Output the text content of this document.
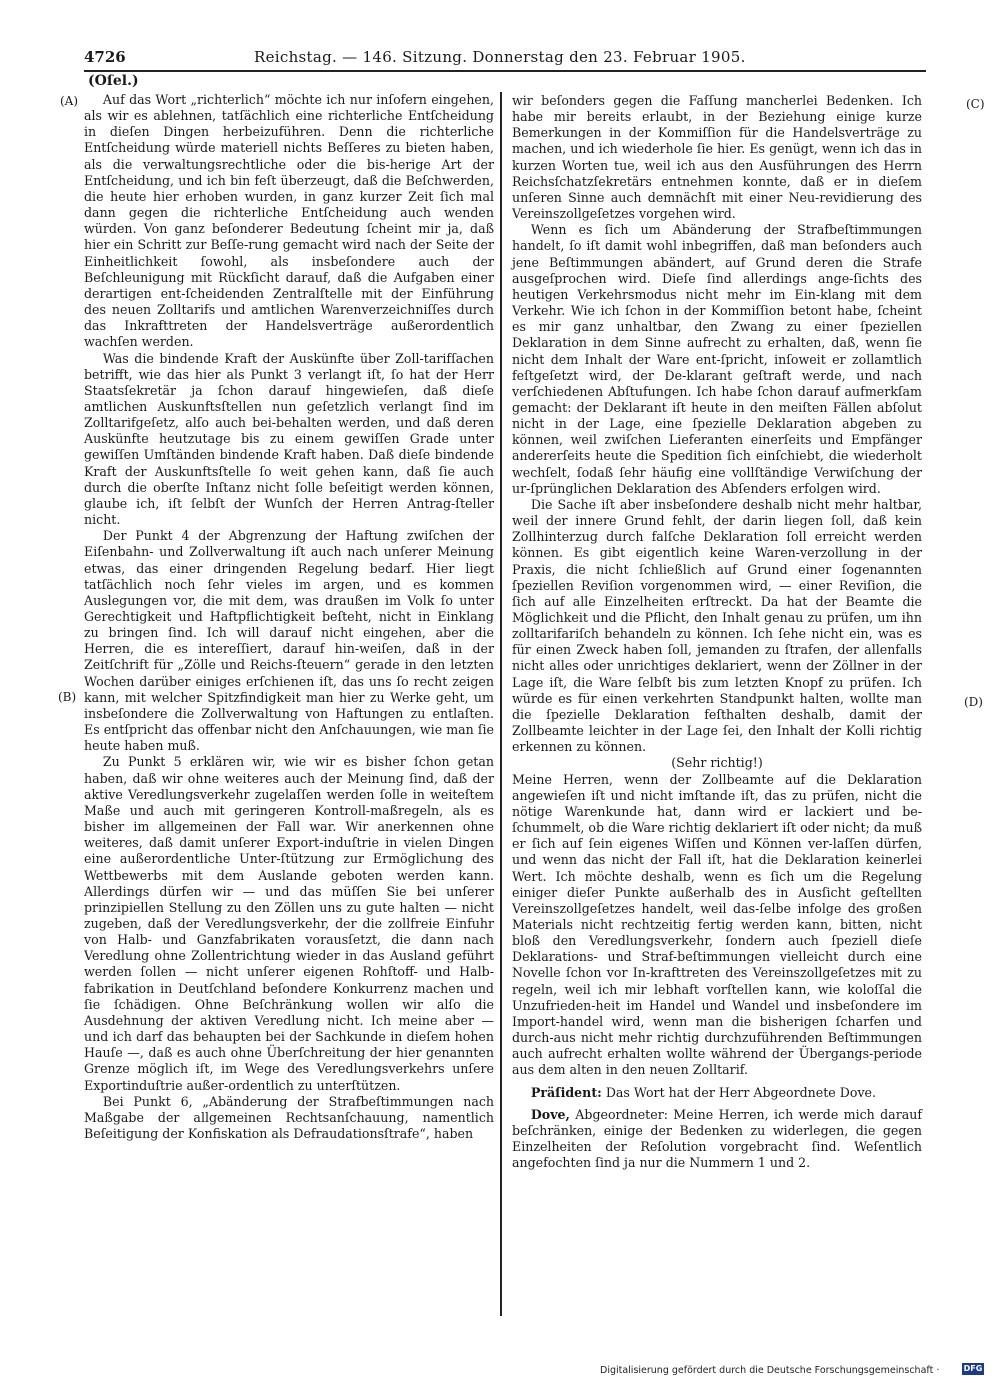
4726	Reichstag. — 146. Sitzung. Donnerstag den 23. Februar 1905.
(Oſel.)
(A)
(B)
(C)
(D)

Auf das Wort „richterlich“ möchte ich nur inſofern eingehen, als wir es ablehnen, tatſächlich eine richterliche Entſcheidung in dieſen Dingen herbeizuführen. Denn die richterliche Entſcheidung würde materiell nichts Beſſeres zu bieten haben, als die verwaltungsrechtliche oder die bis-herige Art der Entſcheidung, und ich bin feſt überzeugt, daß die Beſchwerden, die heute hier erhoben wurden, in ganz kurzer Zeit ſich mal dann gegen die richterliche Entſcheidung auch wenden würden. Von ganz beſonderer Bedeutung ſcheint mir ja, daß hier ein Schritt zur Beſſe-rung gemacht wird nach der Seite der Einheitlichkeit ſowohl, als insbeſondere auch der Beſchleunigung mit Rückſicht darauf, daß die Aufgaben einer derartigen ent-ſcheidenden Zentralſtelle mit der Einführung des neuen Zolltarifs und amtlichen Warenverzeichniſſes durch das Inkrafttreten der Handelsverträge außerordentlich wachſen werden.

Was die bindende Kraft der Auskünfte über Zoll-tarifſachen betrifft, wie das hier als Punkt 3 verlangt iſt, ſo hat der Herr Staatsſekretär ja ſchon darauf hingewieſen, daß dieſe amtlichen Auskunftsſtellen nun geſetzlich verlangt ſind im Zolltarifgeſetz, alſo auch bei-behalten werden, und daß deren Auskünfte heutzutage bis zu einem gewiſſen Grade unter gewiſſen Umſtänden bindende Kraft haben. Daß dieſe bindende Kraft der Auskunftsſtelle ſo weit gehen kann, daß ſie auch durch die oberſte Inſtanz nicht ſolle beſeitigt werden können, glaube ich, iſt ſelbſt der Wunſch der Herren Antrag-ſteller nicht.

Der Punkt 4 der Abgrenzung der Haftung zwiſchen der Eiſenbahn- und Zollverwaltung iſt auch nach unſerer Meinung etwas, das einer dringenden Regelung bedarf. Hier liegt tatſächlich noch ſehr vieles im argen, und es kommen Auslegungen vor, die mit dem, was draußen im Volk ſo unter Gerechtigkeit und Haftpflichtigkeit beſteht, nicht in Einklang zu bringen ſind. Ich will darauf nicht eingehen, aber die Herren, die es intereſſiert, darauf hin-weiſen, daß in der Zeitſchrift für „Zölle und Reichs-ſteuern“ gerade in den letzten Wochen darüber einiges erſchienen iſt, das uns ſo recht zeigen kann, mit welcher Spitzfindigkeit man hier zu Werke geht, um insbeſondere die Zollverwaltung von Haftungen zu entlaſten. Es entſpricht das offenbar nicht den Anſchauungen, wie man ſie heute haben muß.

Zu Punkt 5 erklären wir, wie wir es bisher ſchon getan haben, daß wir ohne weiteres auch der Meinung ſind, daß der aktive Veredlungsverkehr zugelaſſen werden ſolle in weiteſtem Maße und auch mit geringeren Kontroll-maßregeln, als es bisher im allgemeinen der Fall war. Wir anerkennen ohne weiteres, daß damit unſerer Export-induſtrie in vielen Dingen eine außerordentliche Unter-ſtützung zur Ermöglichung des Wettbewerbs mit dem Auslande geboten werden kann. Allerdings dürfen wir — und das müſſen Sie bei unſerer prinzipiellen Stellung zu den Zöllen uns zu gute halten — nicht zugeben, daß der Veredlungsverkehr, der die zollfreie Einfuhr von Halb- und Ganzfabrikaten vorausſetzt, die dann nach Veredlung ohne Zollentrichtung wieder in das Ausland geführt werden ſollen — nicht unſerer eigenen Rohſtoff- und Halb-fabrikation in Deutſchland beſondere Konkurrenz machen und ſie ſchädigen. Ohne Beſchränkung wollen wir alſo die Ausdehnung der aktiven Veredlung nicht. Ich meine aber — und ich darf das behaupten bei der Sachkunde in dieſem hohen Hauſe —, daß es auch ohne Überſchreitung der hier genannten Grenze möglich iſt, im Wege des Veredlungsverkehrs unſere Exportinduſtrie außer-ordentlich zu unterſtützen.

Bei Punkt 6, „Abänderung der Strafbeſtimmungen nach Maßgabe der allgemeinen Rechtsanſchauung, namentlich Beſeitigung der Konfiskation als Defraudationsſtrafe“, haben

wir beſonders gegen die Faſſung mancherlei Bedenken. Ich habe mir bereits erlaubt, in der Beziehung einige kurze Bemerkungen in der Kommiſſion für die Handelsverträge zu machen, und ich wiederhole ſie hier. Es genügt, wenn ich das in kurzen Worten tue, weil ich aus den Ausführungen des Herrn Reichsſchatzſekretärs entnehmen konnte, daß er in dieſem unſeren Sinne auch demnächſt mit einer Neu-revidierung des Vereinszollgeſetzes vorgehen wird.

Wenn es ſich um Abänderung der Strafbeſtimmungen handelt, ſo iſt damit wohl inbegriffen, daß man beſonders auch jene Beſtimmungen abändert, auf Grund deren die Strafe ausgeſprochen wird. Dieſe ſind allerdings ange-ſichts des heutigen Verkehrsmodus nicht mehr im Ein-klang mit dem Verkehr. Wie ich ſchon in der Kommiſſion betont habe, ſcheint es mir ganz unhaltbar, den Zwang zu einer ſpeziellen Deklaration in dem Sinne aufrecht zu erhalten, daß, wenn ſie nicht dem Inhalt der Ware ent-ſpricht, inſoweit er zollamtlich feſtgeſetzt wird, der De-klarant geſtraft werde, und nach verſchiedenen Abſtufungen. Ich habe ſchon darauf aufmerkſam gemacht: der Deklarant iſt heute in den meiſten Fällen abſolut nicht in der Lage, eine ſpezielle Deklaration abgeben zu können, weil zwiſchen Lieferanten einerſeits und Empfänger andererſeits heute die Spedition ſich einſchiebt, die wiederholt wechſelt, ſodaß ſehr häufig eine vollſtändige Verwiſchung der ur-ſprünglichen Deklaration des Abſenders erfolgen wird.

Die Sache iſt aber insbeſondere deshalb nicht mehr haltbar, weil der innere Grund fehlt, der darin liegen ſoll, daß kein Zollhinterzug durch falſche Deklaration ſoll erreicht werden können. Es gibt eigentlich keine Waren-verzollung in der Praxis, die nicht ſchließlich auf Grund einer ſogenannten ſpeziellen Reviſion vorgenommen wird, — einer Reviſion, die ſich auf alle Einzelheiten erſtreckt. Da hat der Beamte die Möglichkeit und die Pflicht, den Inhalt genau zu prüfen, um ihn zolltarifariſch behandeln zu können. Ich ſehe nicht ein, was es für einen Zweck haben ſoll, jemanden zu ſtrafen, der allenfalls nicht alles oder unrichtiges deklariert, wenn der Zöllner in der Lage iſt, die Ware ſelbſt bis zum letzten Knopf zu prüfen. Ich würde es für einen verkehrten Standpunkt halten, wollte man die ſpezielle Deklaration feſthalten deshalb, damit der Zollbeamte leichter in der Lage ſei, den Inhalt der Kolli richtig erkennen zu können.

(Sehr richtig!)

Meine Herren, wenn der Zollbeamte auf die Deklaration angewieſen iſt und nicht imſtande iſt, das zu prüfen, nicht die nötige Warenkunde hat, dann wird er lackiert und be-ſchummelt, ob die Ware richtig deklariert iſt oder nicht; da muß er ſich auf ſein eigenes Wiſſen und Können ver-laſſen dürfen, und wenn das nicht der Fall iſt, hat die Deklaration keinerlei Wert. Ich möchte deshalb, wenn es ſich um die Regelung einiger dieſer Punkte außerhalb des in Ausſicht geſtellten Vereinszollgeſetzes handelt, weil das-ſelbe infolge des großen Materials nicht rechtzeitig fertig werden kann, bitten, nicht bloß den Veredlungsverkehr, ſondern auch ſpeziell dieſe Deklarations- und Straf-beſtimmungen vielleicht durch eine Novelle ſchon vor In-krafttreten des Vereinszollgeſetzes mit zu regeln, weil ich mir lebhaft vorſtellen kann, wie koloſſal die Unzufrieden-heit im Handel und Wandel und insbeſondere im Import-handel wird, wenn man die bisherigen ſcharfen und durch-aus nicht mehr richtig durchzuführenden Beſtimmungen auch aufrecht erhalten wollte während der Übergangs-periode aus dem alten in den neuen Zolltarif.

Präſident: Das Wort hat der Herr Abgeordnete Dove.

Dove, Abgeordneter: Meine Herren, ich werde mich darauf beſchränken, einige der Bedenken zu widerlegen, die gegen Einzelheiten der Reſolution vorgebracht ſind. Weſentlich angefochten ſind ja nur die Nummern 1 und 2.

Digitalisierung gefördert durch die Deutsche Forschungsgemeinschaft ·	DFG
